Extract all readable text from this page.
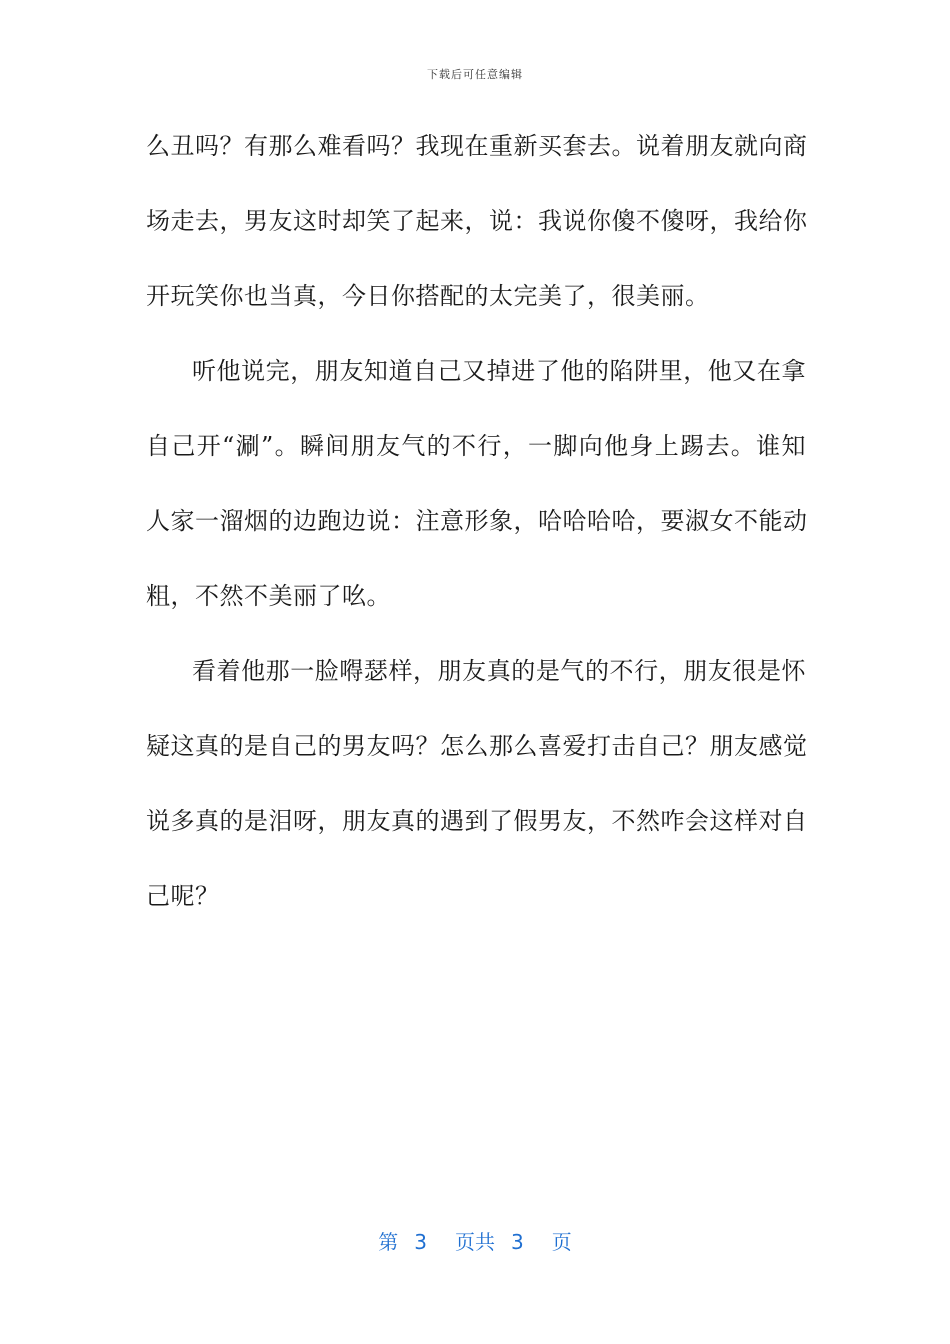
下载后可任意编辑
么丑吗？有那么难看吗？我现在重新买套去。说着朋友就向商
场走去，男友这时却笑了起来，说：我说你傻不傻呀，我给你
开玩笑你也当真，今日你搭配的太完美了，很美丽。
听他说完，朋友知道自己又掉进了他的陷阱里，他又在拿
自己开“涮”。瞬间朋友气的不行，一脚向他身上踢去。谁知
人家一溜烟的边跑边说：注意形象，哈哈哈哈，要淑女不能动
粗，不然不美丽了吆。
看着他那一脸嘚瑟样，朋友真的是气的不行，朋友很是怀
疑这真的是自己的男友吗？怎么那么喜爱打击自己？朋友感觉
说多真的是泪呀，朋友真的遇到了假男友，不然咋会这样对自
己呢？
第 3 页共 3 页
